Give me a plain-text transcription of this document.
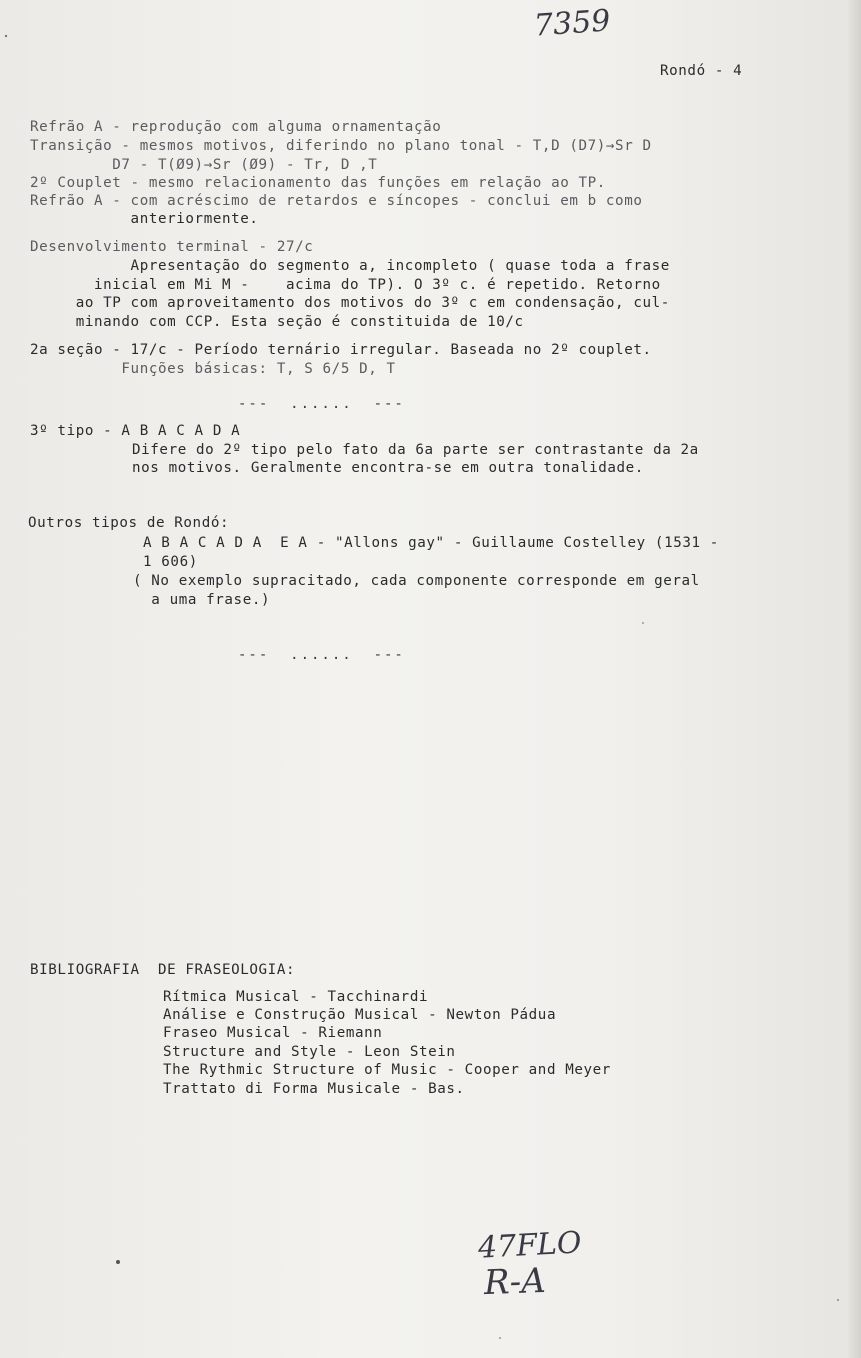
7359
Rondó - 4
Refrão A - reprodução com alguma ornamentação
Transição - mesmos motivos, diferindo no plano tonal - T,D (D7)→Sr D
D7 - T(Ø9)→Sr (Ø9) - Tr, D ,T
2º Couplet - mesmo relacionamento das funções em relação ao TP.
Refrão A - com acréscimo de retardos e síncopes - conclui em b como
anteriormente.
Desenvolvimento terminal - 27/c
Apresentação do segmento a, incompleto ( quase toda a frase
inicial em Mi M -    acima do TP). O 3º c. é repetido. Retorno
ao TP com aproveitamento dos motivos do 3º c em condensação, cul-
minando com CCP. Esta seção é constituida de 10/c
2a seção - 17/c - Período ternário irregular. Baseada no 2º couplet.
Funções básicas: T, S 6/5 D, T
---  ......  ---
3º tipo - A B A C A D A
Difere do 2º tipo pelo fato da 6a parte ser contrastante da 2a
nos motivos. Geralmente encontra-se em outra tonalidade.
Outros tipos de Rondó:
A B A C A D A  E A - "Allons gay" - Guillaume Costelley (1531 -
1 606)
( No exemplo supracitado, cada componente corresponde em geral
a uma frase.)
---  ......  ---
BIBLIOGRAFIA  DE FRASEOLOGIA:
Rítmica Musical - Tacchinardi
Análise e Construção Musical - Newton Pádua
Fraseo Musical - Riemann
Structure and Style - Leon Stein
The Rythmic Structure of Music - Cooper and Meyer
Trattato di Forma Musicale - Bas.
47FLO
R-A
